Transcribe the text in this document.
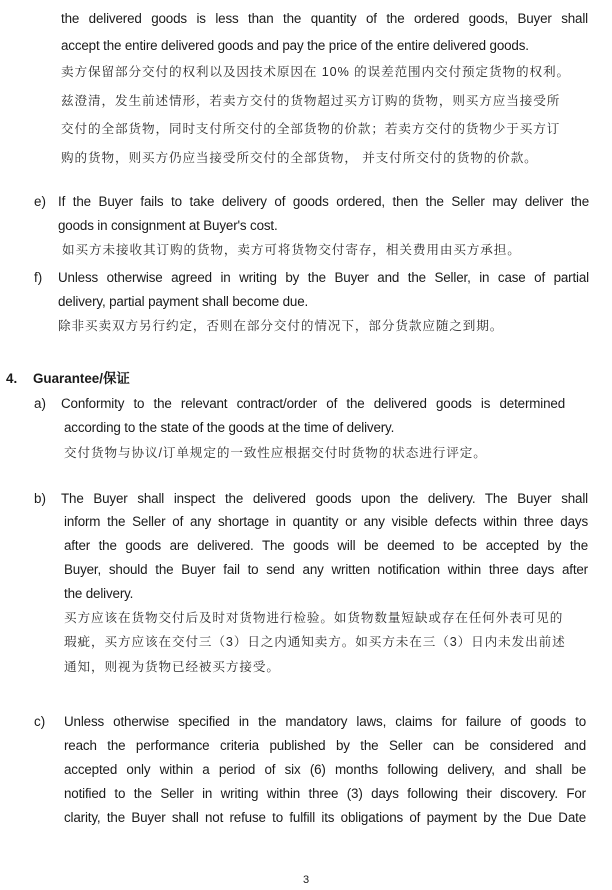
the delivered goods is less than the quantity of the ordered goods, Buyer shall
accept the entire delivered goods and pay the price of the entire delivered goods.
卖方保留部分交付的权利以及因技术原因在 10% 的误差范围内交付预定货物的权利。
兹澄清，发生前述情形，若卖方交付的货物超过买方订购的货物，则买方应当接受所
交付的全部货物，同时支付所交付的全部货物的价款；若卖方交付的货物少于买方订
购的货物，则买方仍应当接受所交付的全部货物， 并支付所交付的货物的价款。
e) If the Buyer fails to take delivery of goods ordered, then the Seller may deliver the
goods in consignment at Buyer's cost.
如买方未接收其订购的货物，卖方可将货物交付寄存，相关费用由买方承担。
f) Unless otherwise agreed in writing by the Buyer and the Seller, in case of partial
delivery, partial payment shall become due.
除非买卖双方另行约定，否则在部分交付的情况下，部分货款应随之到期。
4. Guarantee/保证
a) Conformity to the relevant contract/order of the delivered goods is determined
according to the state of the goods at the time of delivery.
交付货物与协议/订单规定的一致性应根据交付时货物的状态进行评定。
b) The Buyer shall inspect the delivered goods upon the delivery. The Buyer shall
inform the Seller of any shortage in quantity or any visible defects within three days
after the goods are delivered. The goods will be deemed to be accepted by the
Buyer, should the Buyer fail to send any written notification within three days after
the delivery.
买方应该在货物交付后及时对货物进行检验。如货物数量短缺或存在任何外表可见的
瑕疵，买方应该在交付三（3）日之内通知卖方。如买方未在三（3）日内未发出前述
通知，则视为货物已经被买方接受。
c) Unless otherwise specified in the mandatory laws, claims for failure of goods to
reach the performance criteria published by the Seller can be considered and
accepted only within a period of six (6) months following delivery, and shall be
notified to the Seller in writing within three (3) days following their discovery. For
clarity, the Buyer shall not refuse to fulfill its obligations of payment by the Due Date
3
